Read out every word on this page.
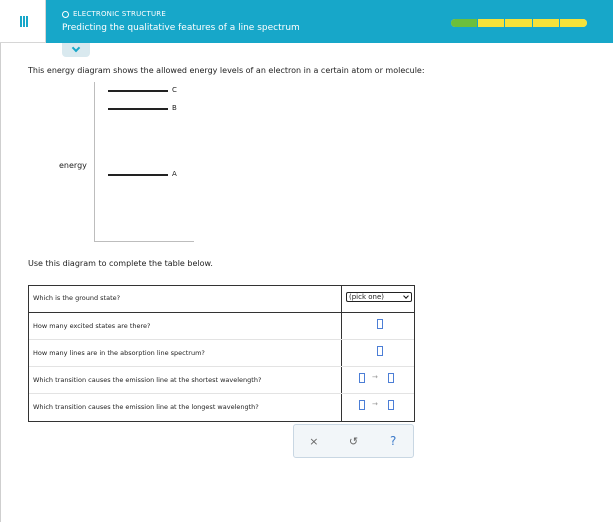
ELECTRONIC STRUCTURE
Predicting the qualitative features of a line spectrum
This energy diagram shows the allowed energy levels of an electron in a certain atom or molecule:
energy
C
B
A
Use this diagram to complete the table below.
Which is the ground state?	(pick one)
How many excited states are there?
How many lines are in the absorption line spectrum?
Which transition causes the emission line at the shortest wavelength?	→
Which transition causes the emission line at the longest wavelength?	→
×	↺	?
